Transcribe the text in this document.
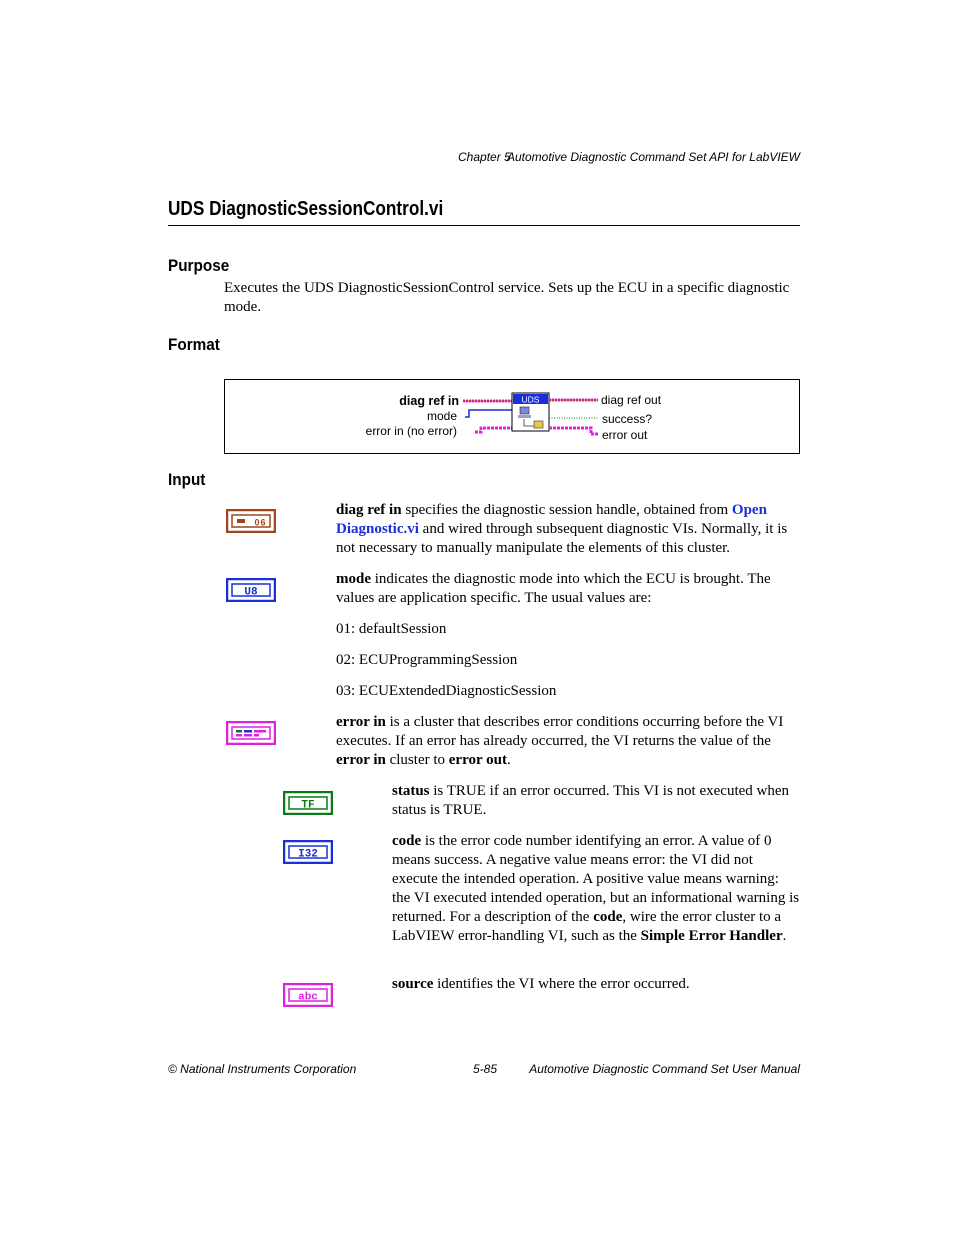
Chapter 5
Automotive Diagnostic Command Set API for LabVIEW
UDS DiagnosticSessionControl.vi
Purpose
Executes the UDS DiagnosticSessionControl service. Sets up the ECU in a specific diagnostic mode.
Format
diag ref in
mode
error in (no error)
UDS	diag ref out
success?
error out
Input
0 6
diag ref in specifies the diagnostic session handle, obtained from Open Diagnostic.vi and wired through subsequent diagnostic VIs. Normally, it is not necessary to manually manipulate the elements of this cluster.
U8
mode indicates the diagnostic mode into which the ECU is brought. The values are application specific. The usual values are:
01: defaultSession
02: ECUProgrammingSession
03: ECUExtendedDiagnosticSession
error in is a cluster that describes error conditions occurring before the VI executes. If an error has already occurred, the VI returns the value of the error in cluster to error out.
TF
status is TRUE if an error occurred. This VI is not executed when status is TRUE.
I32
code is the error code number identifying an error. A value of 0 means success. A negative value means error: the VI did not execute the intended operation. A positive value means warning: the VI executed intended operation, but an informational warning is returned. For a description of the code, wire the error cluster to a LabVIEW error-handling VI, such as the Simple Error Handler.
abc
source identifies the VI where the error occurred.
© National Instruments Corporation	5-85	Automotive Diagnostic Command Set User Manual
